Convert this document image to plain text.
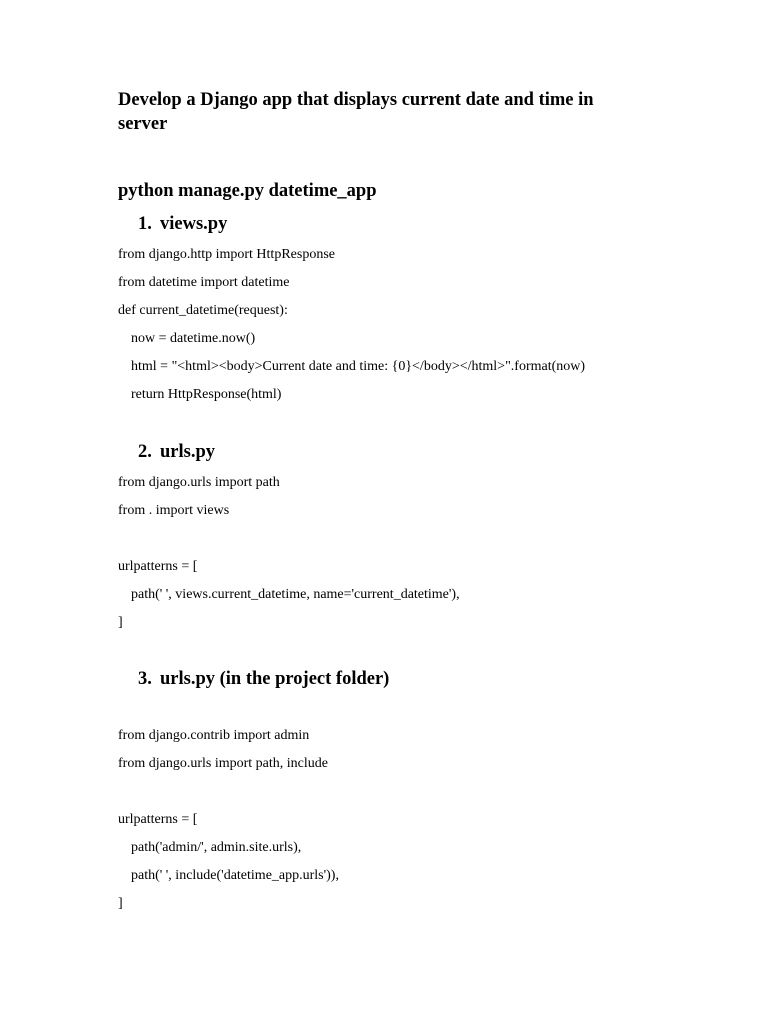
Develop a Django app that displays current date and time in server
python manage.py datetime_app
1. views.py
from django.http import HttpResponse
from datetime import datetime
def current_datetime(request):
now = datetime.now()
html = "<html><body>Current date and time: {0}</body></html>".format(now)
return HttpResponse(html)
2. urls.py
from django.urls import path
from . import views
urlpatterns = [
path(' ', views.current_datetime, name='current_datetime'),
]
3. urls.py (in the project folder)
from django.contrib import admin
from django.urls import path, include
urlpatterns = [
path('admin/', admin.site.urls),
path(' ', include('datetime_app.urls')),
]
